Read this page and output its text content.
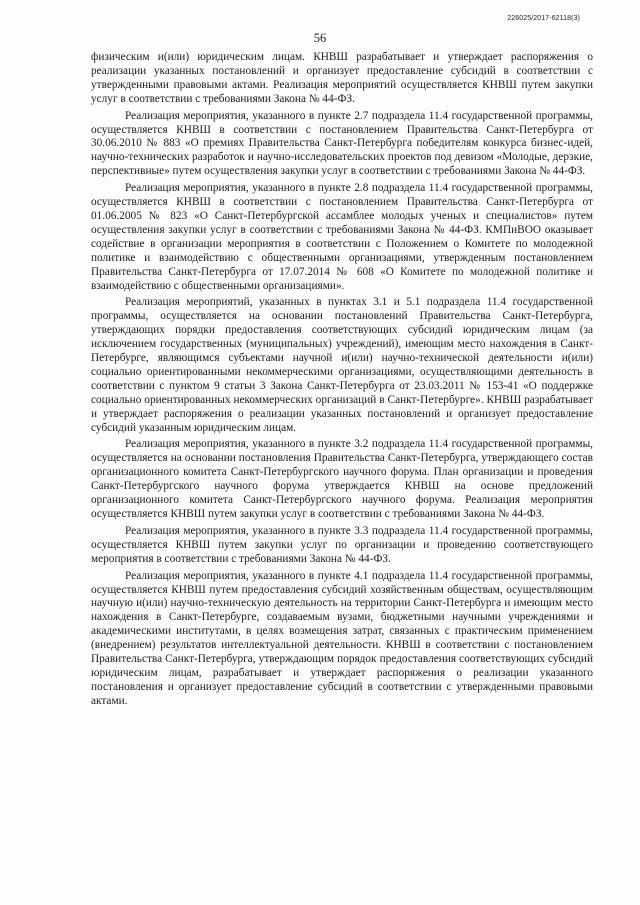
226025/2017-62118(3)
56

физическим и(или) юридическим лицам. КНВШ разрабатывает и утверждает распоряжения о реализации указанных постановлений и организует предоставление субсидий в соответствии с утвержденными правовыми актами. Реализация мероприятий осуществляется КНВШ путем закупки услуг в соответствии с требованиями Закона № 44-ФЗ.

Реализация мероприятия, указанного в пункте 2.7 подраздела 11.4 государственной программы, осуществляется КНВШ в соответствии с постановлением Правительства Санкт-Петербурга от 30.06.2010 № 883 «О премиях Правительства Санкт-Петербурга победителям конкурса бизнес-идей, научно-технических разработок и научно-исследовательских проектов под девизом «Молодые, дерзкие, перспективные» путем осуществления закупки услуг в соответствии с требованиями Закона № 44-ФЗ.

Реализация мероприятия, указанного в пункте 2.8 подраздела 11.4 государственной программы, осуществляется КНВШ в соответствии с постановлением Правительства Санкт-Петербурга от 01.06.2005 № 823 «О Санкт-Петербургской ассамблее молодых ученых и специалистов» путем осуществления закупки услуг в соответствии с требованиями Закона № 44-ФЗ. КМПиВОО оказывает содействие в организации мероприятия в соответствии с Положением о Комитете по молодежной политике и взаимодействию с общественными организациями, утвержденным постановлением Правительства Санкт-Петербурга от 17.07.2014 № 608 «О Комитете по молодежной политике и взаимодействию с общественными организациями».

Реализация мероприятий, указанных в пунктах 3.1 и 5.1 подраздела 11.4 государственной программы, осуществляется на основании постановлений Правительства Санкт-Петербурга, утверждающих порядки предоставления соответствующих субсидий юридическим лицам (за исключением государственных (муниципальных) учреждений), имеющим место нахождения в Санкт-Петербурге, являющимся субъектами научной и(или) научно-технической деятельности и(или) социально ориентированными некоммерческими организациями, осуществляющими деятельность в соответствии с пунктом 9 статьи 3 Закона Санкт-Петербурга от 23.03.2011 № 153-41 «О поддержке социально ориентированных некоммерческих организаций в Санкт-Петербурге». КНВШ разрабатывает и утверждает распоряжения о реализации указанных постановлений и организует предоставление субсидий указанным юридическим лицам.

Реализация мероприятия, указанного в пункте 3.2 подраздела 11.4 государственной программы, осуществляется на основании постановления Правительства Санкт-Петербурга, утверждающего состав организационного комитета Санкт-Петербургского научного форума. План организации и проведения Санкт-Петербургского научного форума утверждается КНВШ на основе предложений организационного комитета Санкт-Петербургского научного форума. Реализация мероприятия осуществляется КНВШ путем закупки услуг в соответствии с требованиями Закона № 44-ФЗ.

Реализация мероприятия, указанного в пункте 3.3 подраздела 11.4 государственной программы, осуществляется КНВШ путем закупки услуг по организации и проведению соответствующего мероприятия в соответствии с требованиями Закона № 44-ФЗ.

Реализация мероприятия, указанного в пункте 4.1 подраздела 11.4 государственной программы, осуществляется КНВШ путем предоставления субсидий хозяйственным обществам, осуществляющим научную и(или) научно-техническую деятельность на территории Санкт-Петербурга и имеющим место нахождения в Санкт-Петербурге, создаваемым вузами, бюджетными научными учреждениями и академическими институтами, в целях возмещения затрат, связанных с практическим применением (внедрением) результатов интеллектуальной деятельности. КНВШ в соответствии с постановлением Правительства Санкт-Петербурга, утверждающим порядок предоставления соответствующих субсидий юридическим лицам, разрабатывает и утверждает распоряжения о реализации указанного постановления и организует предоставление субсидий в соответствии с утвержденными правовыми актами.
